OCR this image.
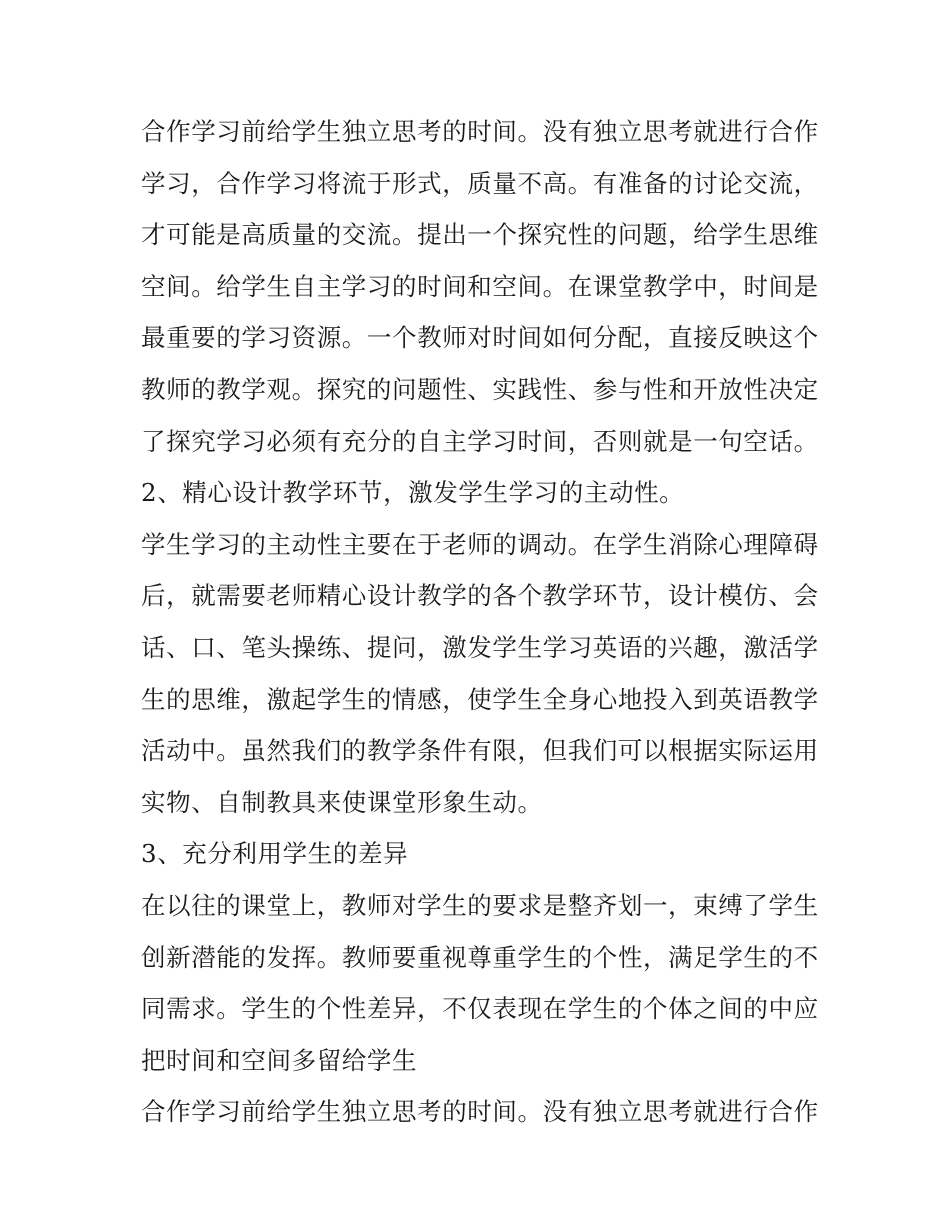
合作学习前给学生独立思考的时间。没有独立思考就进行合作
学习，合作学习将流于形式，质量不高。有准备的讨论交流，
才可能是高质量的交流。提出一个探究性的问题，给学生思维
空间。给学生自主学习的时间和空间。在课堂教学中，时间是
最重要的学习资源。一个教师对时间如何分配，直接反映这个
教师的教学观。探究的问题性、实践性、参与性和开放性决定
了探究学习必须有充分的自主学习时间，否则就是一句空话。
2、精心设计教学环节，激发学生学习的主动性。
学生学习的主动性主要在于老师的调动。在学生消除心理障碍
后，就需要老师精心设计教学的各个教学环节，设计模仿、会
话、口、笔头操练、提问，激发学生学习英语的兴趣，激活学
生的思维，激起学生的情感，使学生全身心地投入到英语教学
活动中。虽然我们的教学条件有限，但我们可以根据实际运用
实物、自制教具来使课堂形象生动。
3、充分利用学生的差异
在以往的课堂上，教师对学生的要求是整齐划一，束缚了学生
创新潜能的发挥。教师要重视尊重学生的个性，满足学生的不
同需求。学生的个性差异，不仅表现在学生的个体之间的中应
把时间和空间多留给学生
合作学习前给学生独立思考的时间。没有独立思考就进行合作
